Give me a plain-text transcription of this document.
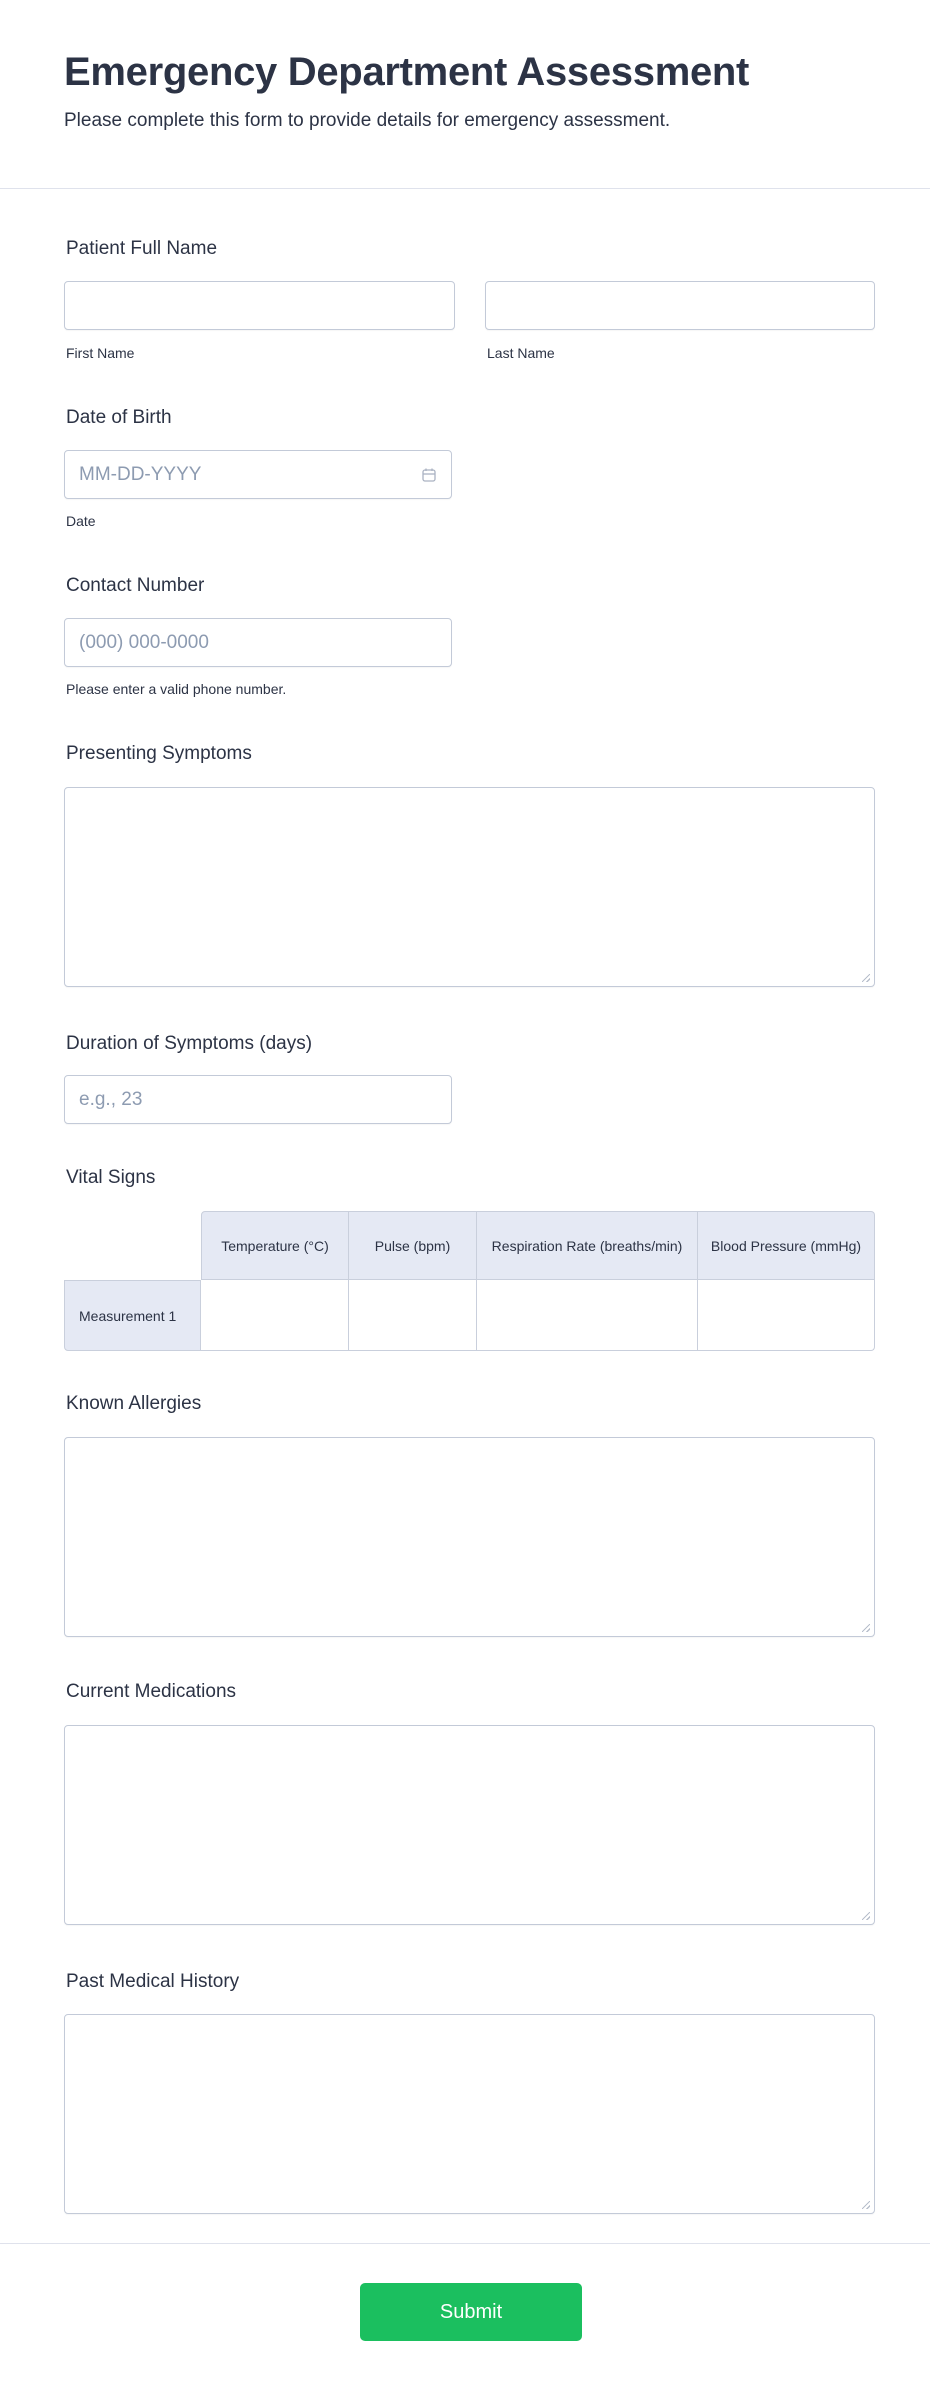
Emergency Department Assessment
Please complete this form to provide details for emergency assessment.
Patient Full Name
First Name	Last Name
Date of Birth
MM-DD-YYYY
Date
Contact Number
(000) 000-0000
Please enter a valid phone number.
Presenting Symptoms
Duration of Symptoms (days)
e.g., 23
Vital Signs
	Temperature (°C)	Pulse (bpm)	Respiration Rate (breaths/min)	Blood Pressure (mmHg)
Measurement 1				
Known Allergies
Current Medications
Past Medical History
Submit
